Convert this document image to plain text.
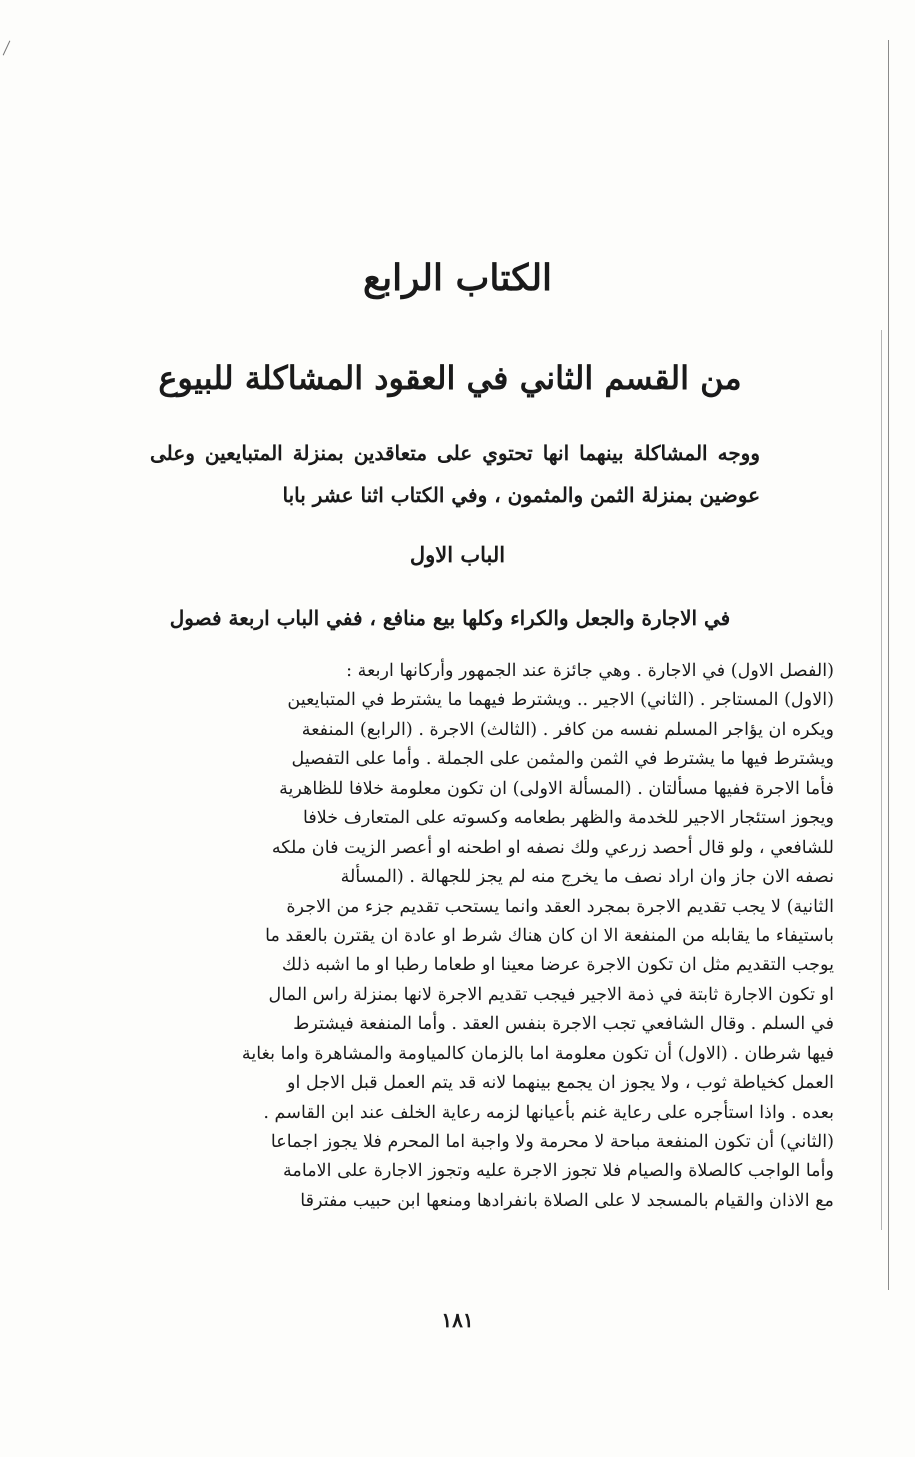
الكتاب الرابع
من القسم الثاني في العقود المشاكلة للبيوع

ووجه المشاكلة بينهما انها تحتوي على متعاقدين بمنزلة المتبايعين وعلى عوضين بمنزلة الثمن والمثمون ، وفي الكتاب اثنا عشر بابا

الباب الاول
في الاجارة والجعل والكراء وكلها بيع منافع ، ففي الباب اربعة فصول
(الفصل الاول) في الاجارة . وهي جائزة عند الجمهور وأركانها اربعة :
(الاول) المستاجر . (الثاني) الاجير .. ويشترط فيهما ما يشترط في المتبايعين
ويكره ان يؤاجر المسلم نفسه من كافر . (الثالث) الاجرة . (الرابع) المنفعة
ويشترط فيها ما يشترط في الثمن والمثمن على الجملة . وأما على التفصيل
فأما الاجرة ففيها مسألتان . (المسألة الاولى) ان تكون معلومة خلافا للظاهرية
ويجوز استئجار الاجير للخدمة والظهر بطعامه وكسوته على المتعارف خلافا
للشافعي ، ولو قال أحصد زرعي ولك نصفه او اطحنه او أعصر الزيت فان ملكه
نصفه الان جاز وان اراد نصف ما يخرج منه لم يجز للجهالة . (المسألة
الثانية) لا يجب تقديم الاجرة بمجرد العقد وانما يستحب تقديم جزء من الاجرة
باستيفاء ما يقابله من المنفعة الا ان كان هناك شرط او عادة ان يقترن بالعقد ما
يوجب التقديم مثل ان تكون الاجرة عرضا معينا او طعاما رطبا او ما اشبه ذلك
او تكون الاجارة ثابتة في ذمة الاجير فيجب تقديم الاجرة لانها بمنزلة راس المال
في السلم . وقال الشافعي تجب الاجرة بنفس العقد . وأما المنفعة فيشترط
فيها شرطان . (الاول) أن تكون معلومة اما بالزمان كالمياومة والمشاهرة واما بغاية
العمل كخياطة ثوب ، ولا يجوز ان يجمع بينهما لانه قد يتم العمل قبل الاجل او
بعده . واذا استأجره على رعاية غنم بأعيانها لزمه رعاية الخلف عند ابن القاسم .
(الثاني) أن تكون المنفعة مباحة لا محرمة ولا واجبة اما المحرم فلا يجوز اجماعا
وأما الواجب كالصلاة والصيام فلا تجوز الاجرة عليه وتجوز الاجارة على الامامة
مع الاذان والقيام بالمسجد لا على الصلاة بانفرادها ومنعها ابن حبيب مفترقا
١٨١
